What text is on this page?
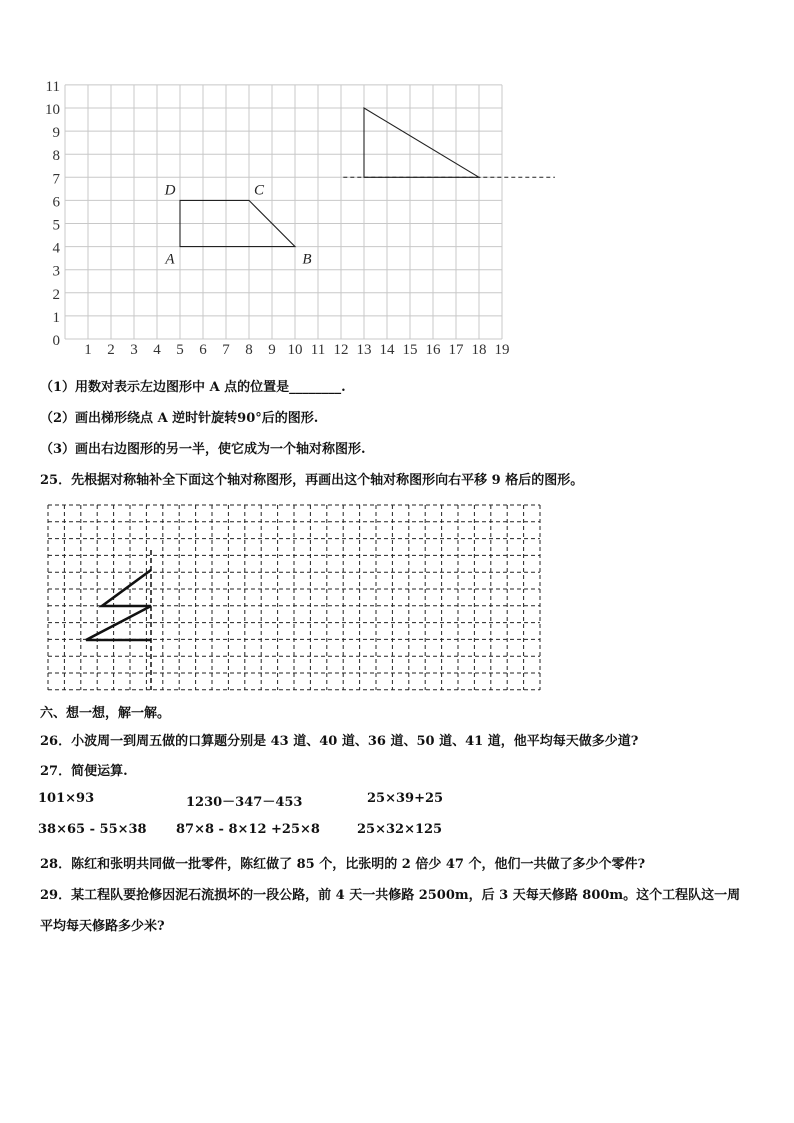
1 2 3 4 5 6 7 8 9 10 11 12 13 14 15 16 17 18 19
0
1
2
3
4
5
6
7
8
9
10
11
A	B
C
D
（1）用数对表示左边图形中 A 点的位置是________.
（2）画出梯形绕点 A 逆时针旋转90°后的图形.
（3）画出右边图形的另一半，使它成为一个轴对称图形.
25．先根据对称轴补全下面这个轴对称图形，再画出这个轴对称图形向右平移 9 格后的图形。
六、想一想，解一解。
26．小波周一到周五做的口算题分别是 43 道、40 道、36 道、50 道、41 道，他平均每天做多少道?
27．简便运算.
101×93	1230－347－453	25×39+25
38×65 - 55×38 87×8 - 8×12 +25×8	25×32×125
28．陈红和张明共同做一批零件，陈红做了 85 个，比张明的 2 倍少 47 个，他们一共做了多少个零件?
29．某工程队要抢修因泥石流损坏的一段公路，前 4 天一共修路 2500m，后 3 天每天修路 800m。这个工程队这一周
平均每天修路多少米?
